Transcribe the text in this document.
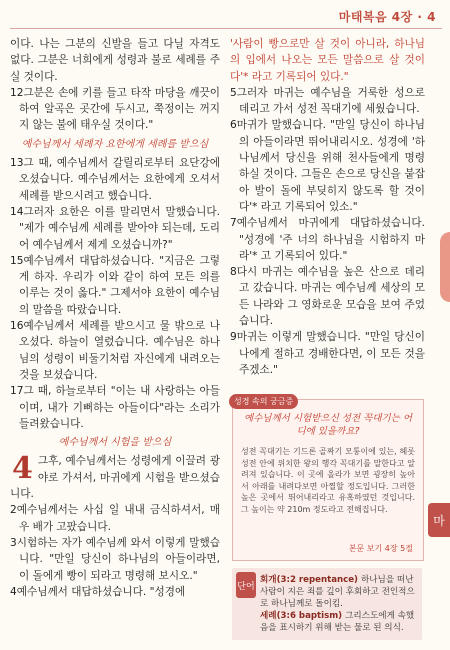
마태복음 4장 · 4

이다. 나는 그분의 신발을 들고 다닐 자격도 없다. 그분은 너희에게 성령과 불로 세례를 주실 것이다.

12그분은 손에 키를 들고 타작 마당을 깨끗이 하여 알곡은 곳간에 두시고, 쭉정이는 꺼지지 않는 불에 태우실 것이다."

예수님께서 세례자 요한에게 세례를 받으심

13그 때, 예수님께서 갈릴리로부터 요단강에 오셨습니다. 예수님께서는 요한에게 오셔서 세례를 받으시려고 했습니다.

14그러자 요한은 이를 말리면서 말했습니다. "제가 예수님께 세례를 받아야 되는데, 도리어 예수님께서 제게 오셨습니까?"

15예수님께서 대답하셨습니다. "지금은 그렇게 하자. 우리가 이와 같이 하여 모든 의를 이루는 것이 옳다." 그제서야 요한이 예수님의 말씀을 따랐습니다.

16예수님께서 세례를 받으시고 물 밖으로 나오셨다. 하늘이 열렸습니다. 예수님은 하나님의 성령이 비둘기처럼 자신에게 내려오는 것을 보셨습니다.

17그 때, 하늘로부터 "이는 내 사랑하는 아들이며, 내가 기뻐하는 아들이다"라는 소리가 들려왔습니다.

예수님께서 시험을 받으심

4 그후, 예수님께서는 성령에게 이끌려 광야로 가셔서, 마귀에게 시험을 받으셨습니다.

2예수님께서는 사십 일 내내 금식하셔서, 매우 배가 고팠습니다.

3시험하는 자가 예수님께 와서 이렇게 말했습니다. "만일 당신이 하나님의 아들이라면, 이 돌에게 빵이 되라고 명령해 보시오."

4예수님께서 대답하셨습니다. "성경에

'사람이 빵으로만 살 것이 아니라, 하나님의 입에서 나오는 모든 말씀으로 살 것이다'* 라고 기록되어 있다."

5그러자 마귀는 예수님을 거룩한 성으로 데리고 가서 성전 꼭대기에 세웠습니다.

6마귀가 말했습니다. "만일 당신이 하나님의 아들이라면 뛰어내리시오. 성경에 '하나님께서 당신을 위해 천사들에게 명령하실 것이다. 그들은 손으로 당신을 붙잡아 발이 돌에 부딪히지 않도록 할 것이다'* 라고 기록되어 있소."

7예수님께서 마귀에게 대답하셨습니다. "성경에 '주 너의 하나님을 시험하지 마라'* 고 기록되어 있다."

8다시 마귀는 예수님을 높은 산으로 데리고 갔습니다. 마귀는 예수님께 세상의 모든 나라와 그 영화로운 모습을 보여 주었습니다.

9마귀는 이렇게 말했습니다. "만일 당신이 나에게 절하고 경배한다면, 이 모든 것을 주겠소."

성경 속의 궁금증
예수님께서 시험받으신 성전 꼭대기는 어디에 있을까요?
성전 꼭대기는 기드론 골짜기 모퉁이에 있는, 헤롯 성전 안에 위치한 왕의 행각 꼭대기를 말한다고 알려져 있습니다. 이 곳에 올라가 보면 굉장히 높아서 아래를 내려다보면 아찔할 정도입니다. 그러한 높은 곳에서 뛰어내리라고 유혹하였던 것입니다. 그 높이는 약 210m 정도라고 전해집니다.
본문 보기 4장 5절
단어
회개(3:2 repentance) 하나님을 떠난 사람이 지은 죄를 깊이 후회하고 전인적으로 하나님께로 돌이킴.
세례(3:6 baptism) 그리스도에게 속했음을 표시하기 위해 받는 물로 된 의식.
마
